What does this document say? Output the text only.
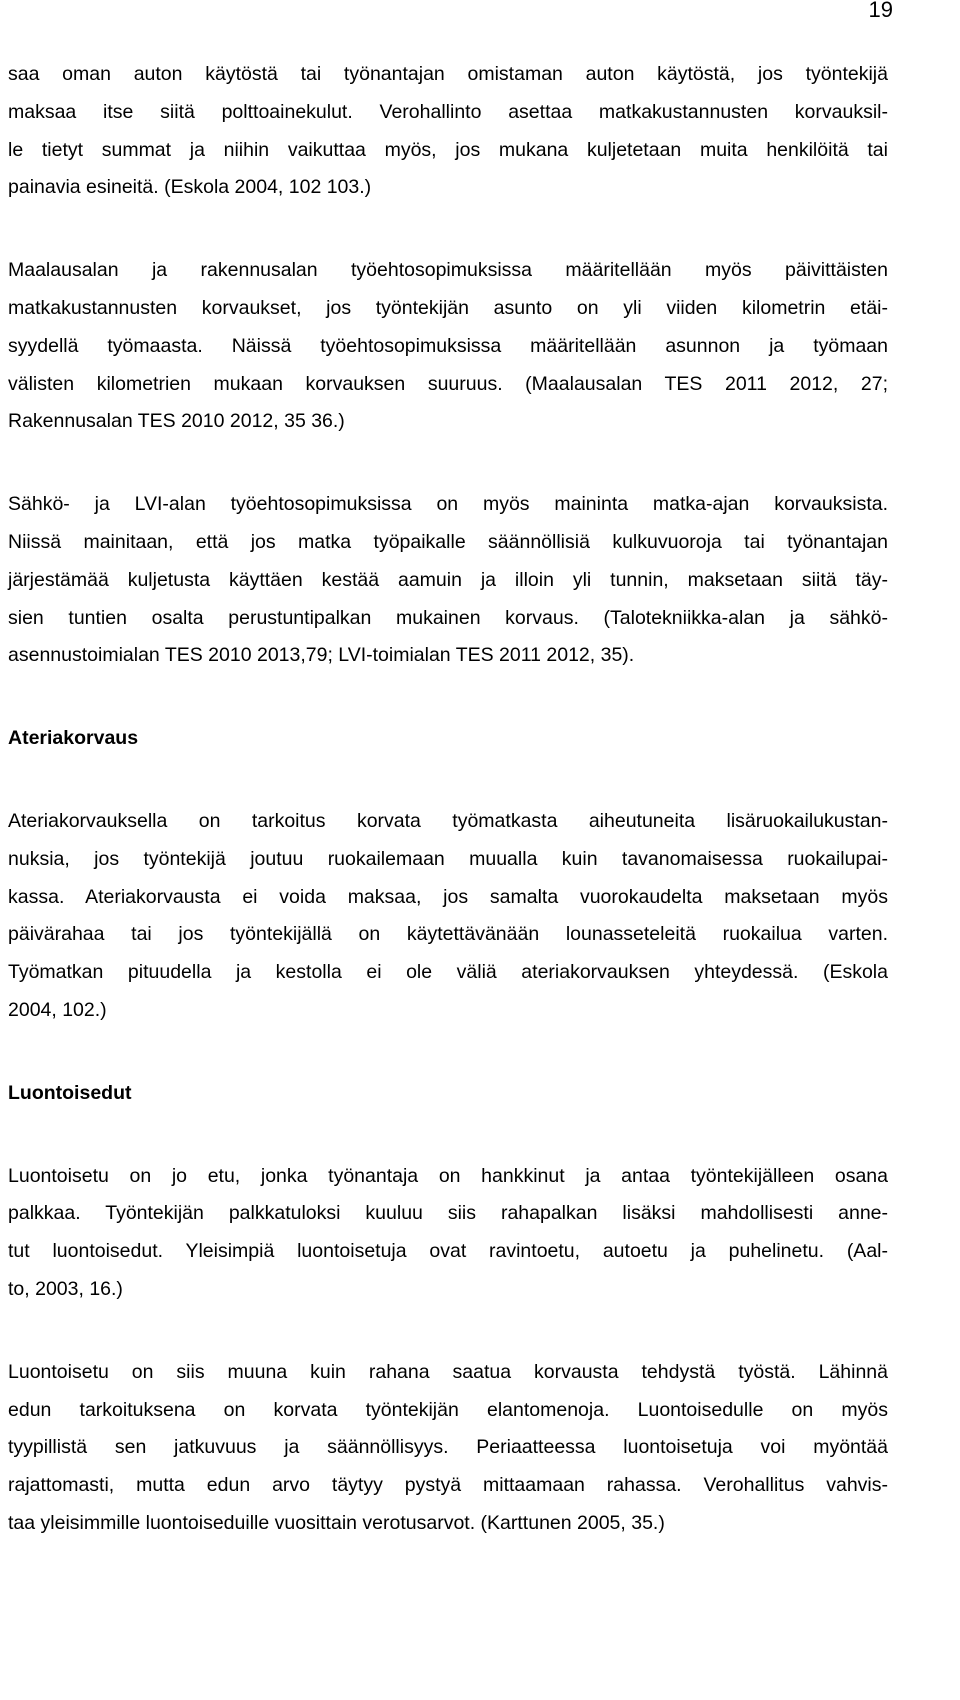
19

saa oman auton käytöstä tai työnantajan omistaman auton käytöstä, jos työntekijä
maksaa itse siitä polttoainekulut. Verohallinto asettaa matkakustannusten korvauksil-
le tietyt summat ja niihin vaikuttaa myös, jos mukana kuljetetaan muita henkilöitä tai
painavia esineitä. (Eskola 2004, 102 103.)

Maalausalan ja rakennusalan työehtosopimuksissa määritellään myös päivittäisten
matkakustannusten korvaukset, jos työntekijän asunto on yli viiden kilometrin etäi-
syydellä työmaasta. Näissä työehtosopimuksissa määritellään asunnon ja työmaan
välisten kilometrien mukaan korvauksen suuruus. (Maalausalan TES 2011 2012, 27;
Rakennusalan TES 2010 2012, 35 36.)

Sähkö- ja LVI-alan työehtosopimuksissa on myös maininta matka-ajan korvauksista.
Niissä mainitaan, että jos matka työpaikalle säännöllisiä kulkuvuoroja tai työnantajan
järjestämää kuljetusta käyttäen kestää aamuin ja illoin yli tunnin, maksetaan siitä täy-
sien tuntien osalta perustuntipalkan mukainen korvaus. (Talotekniikka-alan ja sähkö-
asennustoimialan TES 2010 2013,79; LVI-toimialan TES 2011 2012, 35).

Ateriakorvaus

Ateriakorvauksella on tarkoitus korvata työmatkasta aiheutuneita lisäruokailukustan-
nuksia, jos työntekijä joutuu ruokailemaan muualla kuin tavanomaisessa ruokailupai-
kassa. Ateriakorvausta ei voida maksaa, jos samalta vuorokaudelta maksetaan myös
päivärahaa tai jos työntekijällä on käytettävänään lounasseteleitä ruokailua varten.
Työmatkan pituudella ja kestolla ei ole väliä ateriakorvauksen yhteydessä. (Eskola
2004, 102.)

Luontoisedut

Luontoisetu on jo etu, jonka työnantaja on hankkinut ja antaa työntekijälleen osana
palkkaa. Työntekijän palkkatuloksi kuuluu siis rahapalkan lisäksi mahdollisesti anne-
tut luontoisedut. Yleisimpiä luontoisetuja ovat ravintoetu, autoetu ja puhelinetu. (Aal-
to, 2003, 16.)

Luontoisetu on siis muuna kuin rahana saatua korvausta tehdystä työstä. Lähinnä
edun tarkoituksena on korvata työntekijän elantomenoja. Luontoisedulle on myös
tyypillistä sen jatkuvuus ja säännöllisyys. Periaatteessa luontoisetuja voi myöntää
rajattomasti, mutta edun arvo täytyy pystyä mittaamaan rahassa. Verohallitus vahvis-
taa yleisimmille luontoiseduille vuosittain verotusarvot. (Karttunen 2005, 35.)
